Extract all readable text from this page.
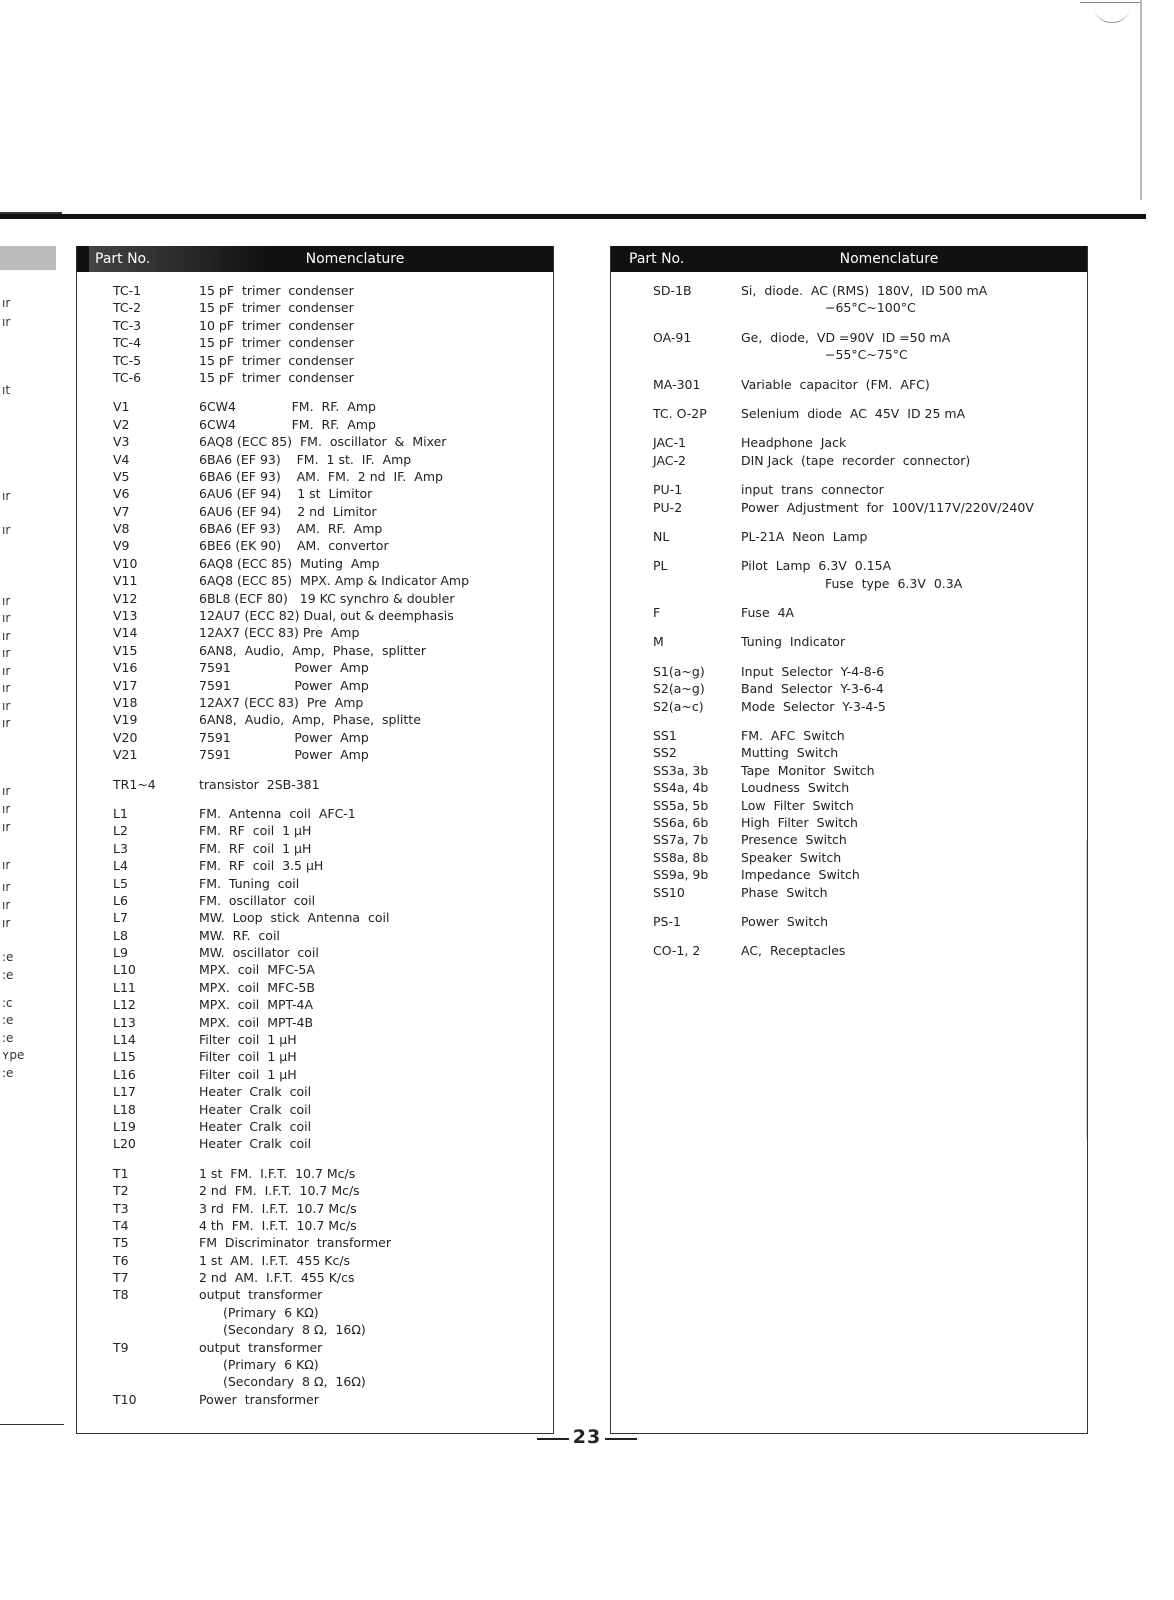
ır
ır
ıt
ır
ır
ır
ır
ır
ır
ır
ır
ır
ır
ır
ır
ır
ır
ır
ır
ır
:e
:e
:c
:e
:e
ʏpe
:e
Part No.	Nomenclature
TC-1	15 pF  trimer  condenser
TC-2	15 pF  trimer  condenser
TC-3	10 pF  trimer  condenser
TC-4	15 pF  trimer  condenser
TC-5	15 pF  trimer  condenser
TC-6	15 pF  trimer  condenser
V1	6CW4              FM.  RF.  Amp
V2	6CW4              FM.  RF.  Amp
V3	6AQ8 (ECC 85)  FM.  oscillator  &  Mixer
V4	6BA6 (EF 93)    FM.  1 st.  IF.  Amp
V5	6BA6 (EF 93)    AM.  FM.  2 nd  IF.  Amp
V6	6AU6 (EF 94)    1 st  Limitor
V7	6AU6 (EF 94)    2 nd  Limitor
V8	6BA6 (EF 93)    AM.  RF.  Amp
V9	6BE6 (EK 90)    AM.  convertor
V10	6AQ8 (ECC 85)  Muting  Amp
V11	6AQ8 (ECC 85)  MPX. Amp & Indicator Amp
V12	6BL8 (ECF 80)   19 KC synchro & doubler
V13	12AU7 (ECC 82) Dual, out & deemphasis
V14	12AX7 (ECC 83) Pre  Amp
V15	6AN8,  Audio,  Amp,  Phase,  splitter
V16	7591                Power  Amp
V17	7591                Power  Amp
V18	12AX7 (ECC 83)  Pre  Amp
V19	6AN8,  Audio,  Amp,  Phase,  splitte
V20	7591                Power  Amp
V21	7591                Power  Amp
TR1~4	transistor  2SB-381
L1	FM.  Antenna  coil  AFC-1
L2	FM.  RF  coil  1 μH
L3	FM.  RF  coil  1 μH
L4	FM.  RF  coil  3.5 μH
L5	FM.  Tuning  coil
L6	FM.  oscillator  coil
L7	MW.  Loop  stick  Antenna  coil
L8	MW.  RF.  coil
L9	MW.  oscillator  coil
L10	MPX.  coil  MFC-5A
L11	MPX.  coil  MFC-5B
L12	MPX.  coil  MPT-4A
L13	MPX.  coil  MPT-4B
L14	Filter  coil  1 μH
L15	Filter  coil  1 μH
L16	Filter  coil  1 μH
L17	Heater  Cralk  coil
L18	Heater  Cralk  coil
L19	Heater  Cralk  coil
L20	Heater  Cralk  coil
T1	1 st  FM.  I.F.T.  10.7 Mc/s
T2	2 nd  FM.  I.F.T.  10.7 Mc/s
T3	3 rd  FM.  I.F.T.  10.7 Mc/s
T4	4 th  FM.  I.F.T.  10.7 Mc/s
T5	FM  Discriminator  transformer
T6	1 st  AM.  I.F.T.  455 Kc/s
T7	2 nd  AM.  I.F.T.  455 K/cs
T8	output  transformer
(Primary  6 KΩ)
(Secondary  8 Ω,  16Ω)
T9	output  transformer
(Primary  6 KΩ)
(Secondary  8 Ω,  16Ω)
T10	Power  transformer
Part No.	Nomenclature
SD-1B	Si,  diode.  AC (RMS)  180V,  ID 500 mA
−65°C~100°C
OA-91	Ge,  diode,  VD =90V  ID =50 mA
−55°C~75°C
MA-301	Variable  capacitor  (FM.  AFC)
TC. O-2P	Selenium  diode  AC  45V  ID 25 mA
JAC-1	Headphone  Jack
JAC-2	DIN Jack  (tape  recorder  connector)
PU-1	input  trans  connector
PU-2	Power  Adjustment  for  100V/117V/220V/240V
NL	PL-21A  Neon  Lamp
PL	Pilot  Lamp  6.3V  0.15A
Fuse  type  6.3V  0.3A
F	Fuse  4A
M	Tuning  Indicator
S1(a~g)	Input  Selector  Y-4-8-6
S2(a~g)	Band  Selector  Y-3-6-4
S2(a~c)	Mode  Selector  Y-3-4-5
SS1	FM.  AFC  Switch
SS2	Mutting  Switch
SS3a, 3b	Tape  Monitor  Switch
SS4a, 4b	Loudness  Switch
SS5a, 5b	Low  Filter  Switch
SS6a, 6b	High  Filter  Switch
SS7a, 7b	Presence  Switch
SS8a, 8b	Speaker  Switch
SS9a, 9b	Impedance  Switch
SS10	Phase  Switch
PS-1	Power  Switch
CO-1, 2	AC,  Receptacles
23
